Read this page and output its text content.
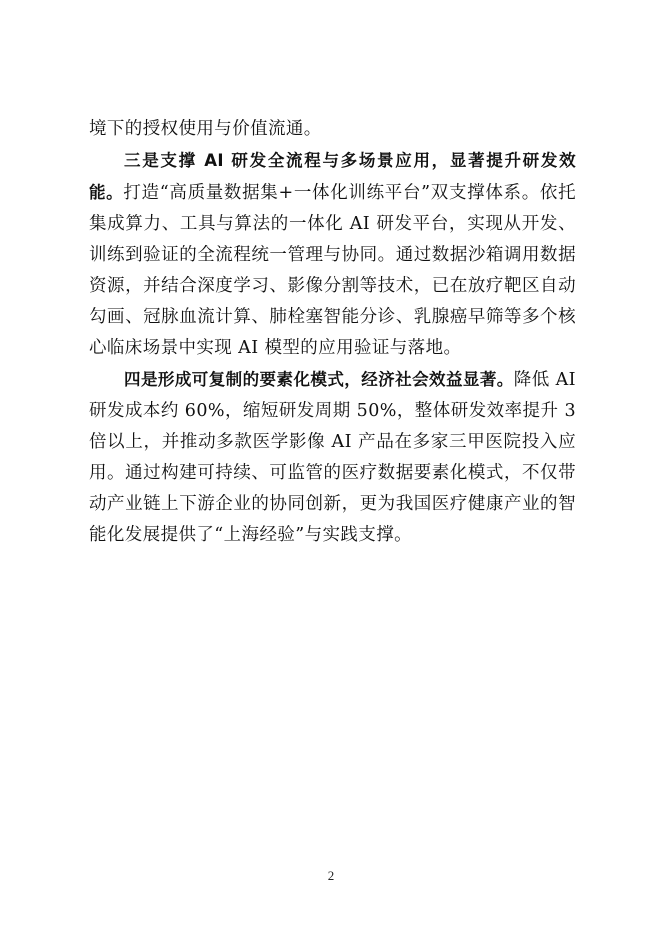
境下的授权使用与价值流通。

三是支撑 AI 研发全流程与多场景应用，显著提升研发效能。打造“高质量数据集+一体化训练平台”双支撑体系。依托集成算力、工具与算法的一体化 AI 研发平台，实现从开发、训练到验证的全流程统一管理与协同。通过数据沙箱调用数据资源，并结合深度学习、影像分割等技术，已在放疗靶区自动勾画、冠脉血流计算、肺栓塞智能分诊、乳腺癌早筛等多个核心临床场景中实现 AI 模型的应用验证与落地。

四是形成可复制的要素化模式，经济社会效益显著。降低 AI 研发成本约 60%，缩短研发周期 50%，整体研发效率提升 3 倍以上，并推动多款医学影像 AI 产品在多家三甲医院投入应用。通过构建可持续、可监管的医疗数据要素化模式，不仅带动产业链上下游企业的协同创新，更为我国医疗健康产业的智能化发展提供了“上海经验”与实践支撑。

2
